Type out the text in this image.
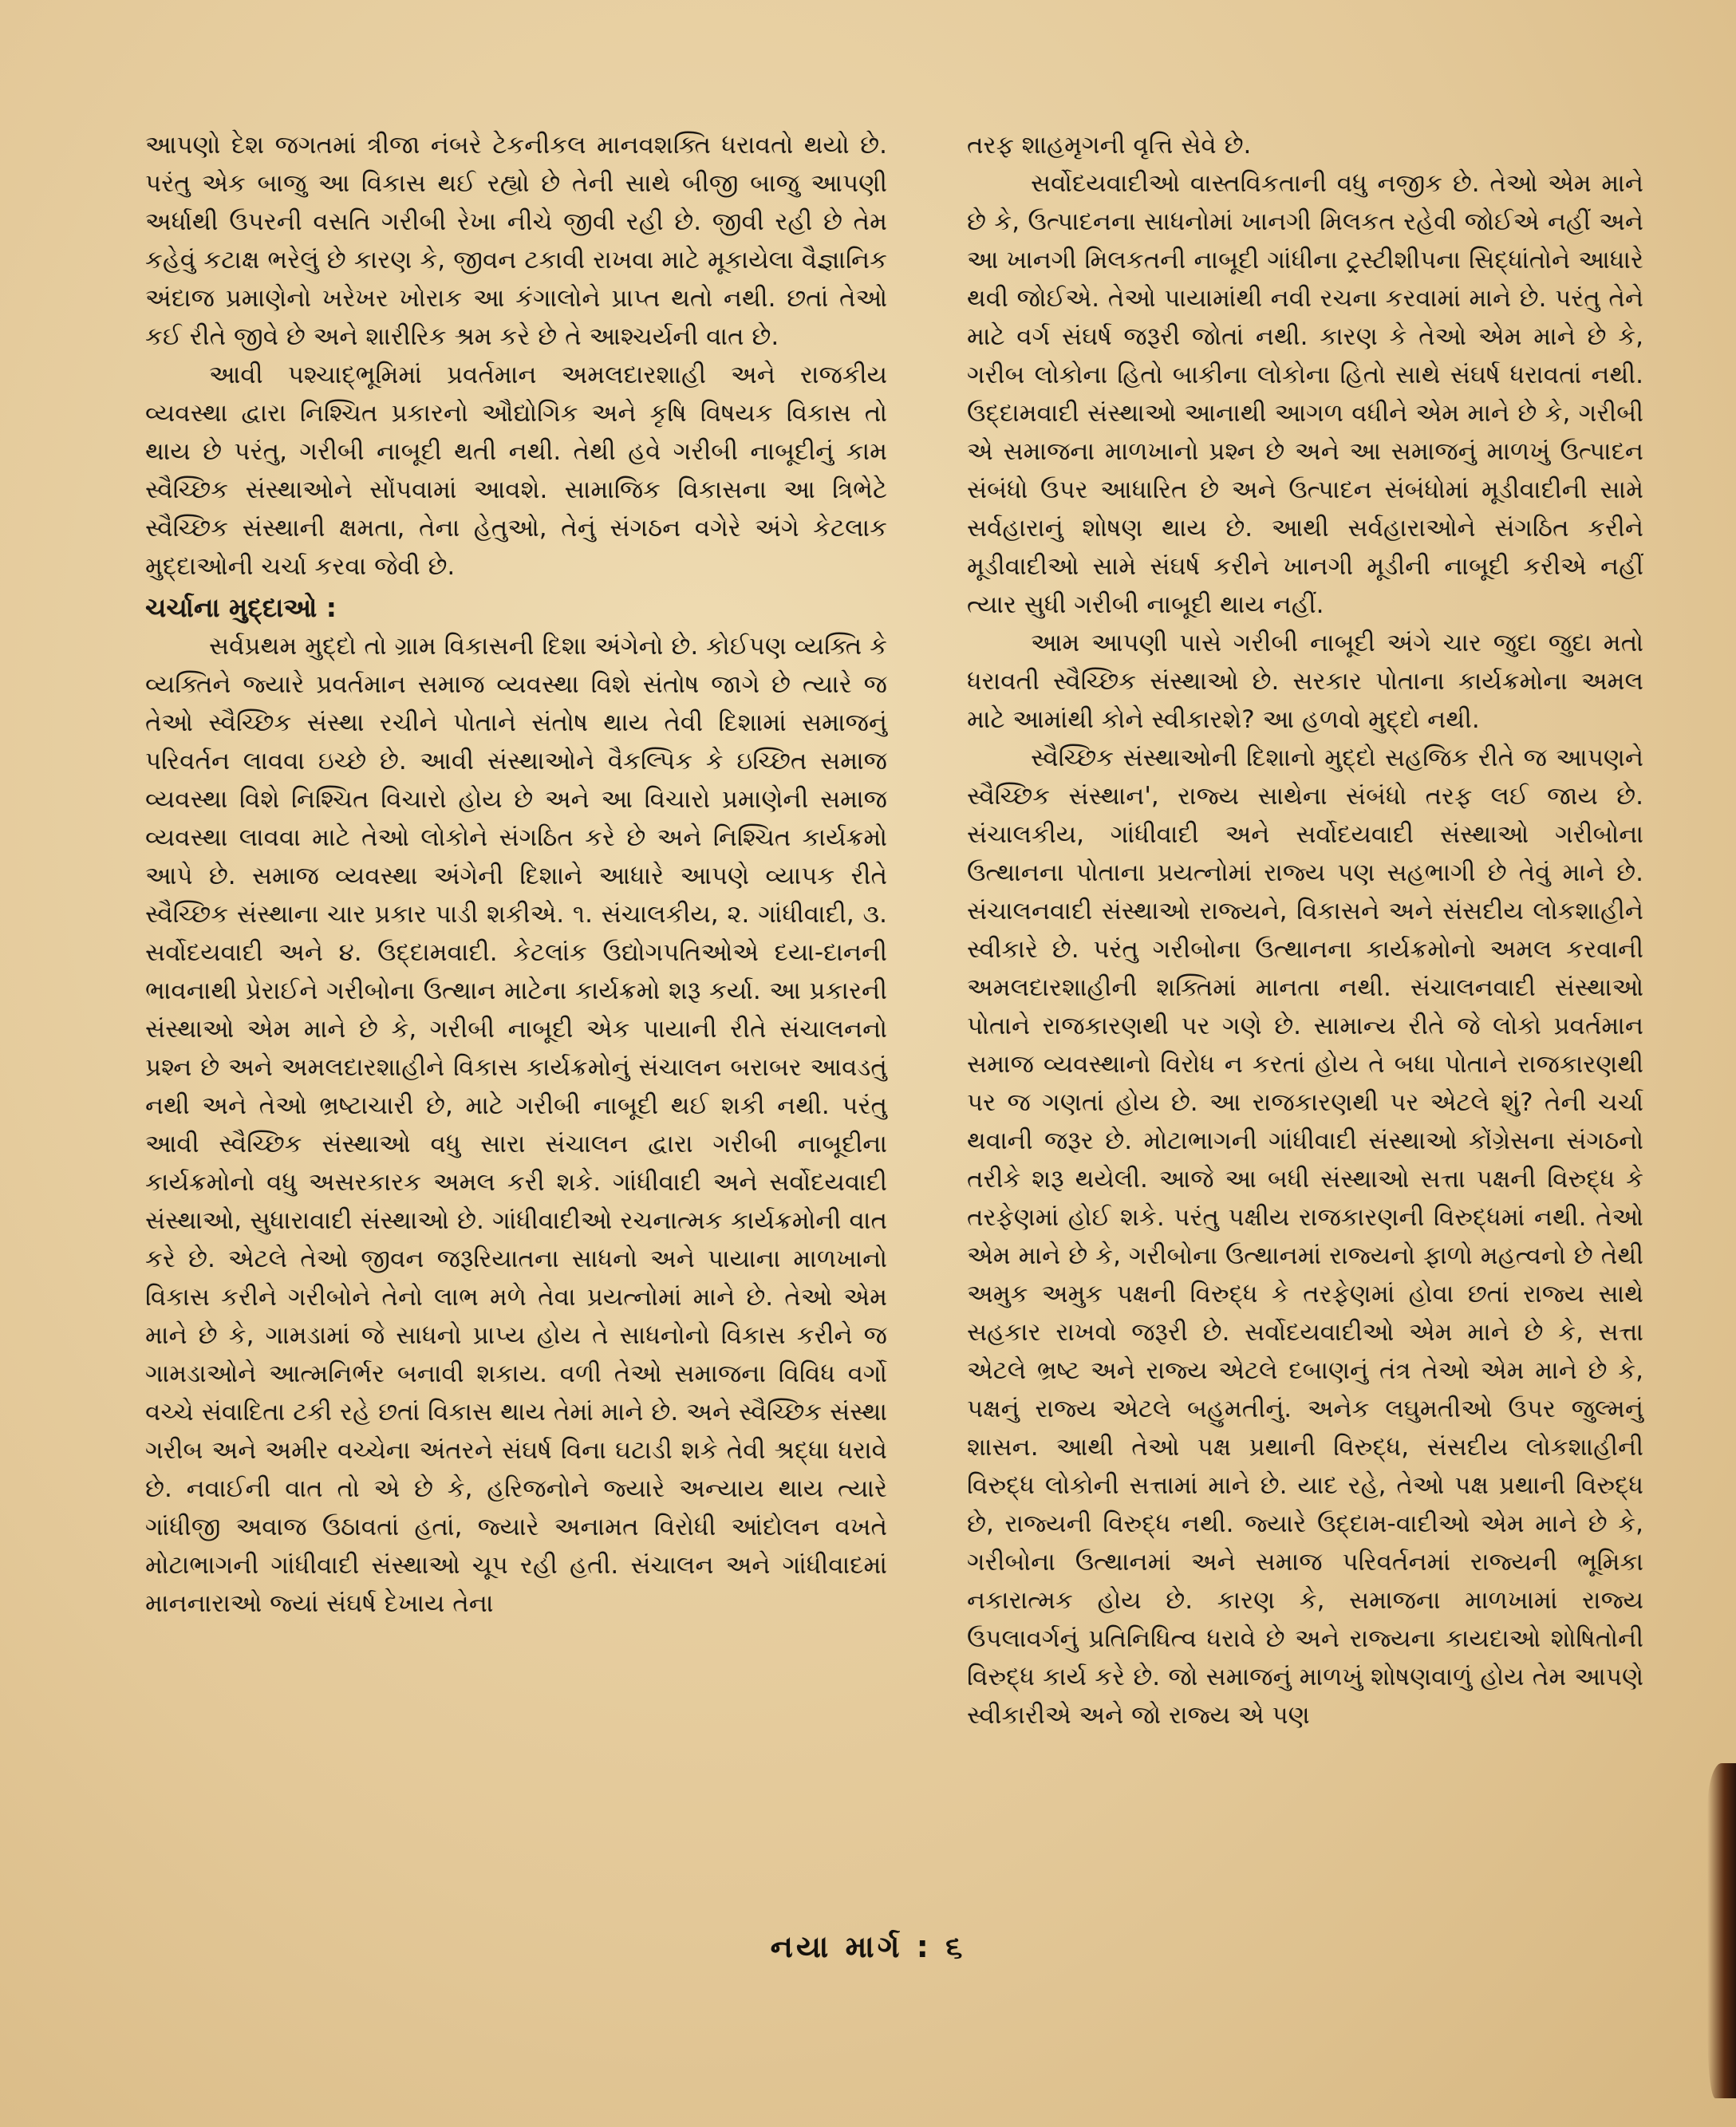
આપણો દેશ જગતમાં ત્રીજા નંબરે ટેકનીકલ માનવશક્તિ ધરાવતો થયો છે. પરંતુ એક બાજુ આ વિકાસ થઈ રહ્યો છે તેની સાથે બીજી બાજુ આપણી અર્ધાથી ઉપરની વસતિ ગરીબી રેખા નીચે જીવી રહી છે. જીવી રહી છે તેમ કહેવું કટાક્ષ ભરેલું છે કારણ કે, જીવન ટકાવી રાખવા માટે મૂકાયેલા વૈજ્ઞાનિક અંદાજ પ્રમાણેનો ખરેખર ખોરાક આ કંગાલોને પ્રાપ્ત થતો નથી. છતાં તેઓ કઈ રીતે જીવે છે અને શારીરિક શ્રમ કરે છે તે આશ્ચર્યની વાત છે.

આવી પશ્ચાદ્ભૂમિમાં પ્રવર્તમાન અમલદારશાહી અને રાજકીય વ્યવસ્થા દ્વારા નિશ્ચિત પ્રકારનો ઔદ્યોગિક અને કૃષિ વિષયક વિકાસ તો થાય છે પરંતુ, ગરીબી નાબૂદી થતી નથી. તેથી હવે ગરીબી નાબૂદીનું કામ સ્વૈચ્છિક સંસ્થાઓને સોંપવામાં આવશે. સામાજિક વિકાસના આ ત્રિભેટે સ્વૈચ્છિક સંસ્થાની ક્ષમતા, તેના હેતુઓ, તેનું સંગઠન વગેરે અંગે કેટલાક મુદ્દાઓની ચર્ચા કરવા જેવી છે.

ચર્ચાના મુદ્દાઓ :

સર્વપ્રથમ મુદ્દો તો ગ્રામ વિકાસની દિશા અંગેનો છે. કોઈપણ વ્યક્તિ કે વ્યક્તિને જ્યારે પ્રવર્તમાન સમાજ વ્યવસ્થા વિશે સંતોષ જાગે છે ત્યારે જ તેઓ સ્વૈચ્છિક સંસ્થા રચીને પોતાને સંતોષ થાય તેવી દિશામાં સમાજનું પરિવર્તન લાવવા ઇચ્છે છે. આવી સંસ્થાઓને વૈકલ્પિક કે ઇચ્છિત સમાજ વ્યવસ્થા વિશે નિશ્ચિત વિચારો હોય છે અને આ વિચારો પ્રમાણેની સમાજ વ્યવસ્થા લાવવા માટે તેઓ લોકોને સંગઠિત કરે છે અને નિશ્ચિત કાર્યક્રમો આપે છે. સમાજ વ્યવસ્થા અંગેની દિશાને આધારે આપણે વ્યાપક રીતે સ્વૈચ્છિક સંસ્થાના ચાર પ્રકાર પાડી શકીએ. ૧. સંચાલકીય, ૨. ગાંધીવાદી, ૩. સર્વોદયવાદી અને ૪. ઉદ્દામવાદી. કેટલાંક ઉદ્યોગપતિઓએ દયા-દાનની ભાવનાથી પ્રેરાઈને ગરીબોના ઉત્થાન માટેના કાર્યક્રમો શરૂ કર્યા. આ પ્રકારની સંસ્થાઓ એમ માને છે કે, ગરીબી નાબૂદી એક પાયાની રીતે સંચાલનનો પ્રશ્ન છે અને અમલદારશાહીને વિકાસ કાર્યક્રમોનું સંચાલન બરાબર આવડતું નથી અને તેઓ ભ્રષ્ટાચારી છે, માટે ગરીબી નાબૂદી થઈ શકી નથી. પરંતુ આવી સ્વૈચ્છિક સંસ્થાઓ વધુ સારા સંચાલન દ્વારા ગરીબી નાબૂદીના કાર્યક્રમોનો વધુ અસરકારક અમલ કરી શકે. ગાંધીવાદી અને સર્વોદયવાદી સંસ્થાઓ, સુધારાવાદી સંસ્થાઓ છે. ગાંધીવાદીઓ રચનાત્મક કાર્યક્રમોની વાત કરે છે. એટલે તેઓ જીવન જરૂરિયાતના સાધનો અને પાયાના માળખાનો વિકાસ કરીને ગરીબોને તેનો લાભ મળે તેવા પ્રયત્નોમાં માને છે. તેઓ એમ માને છે કે, ગામડામાં જે સાધનો પ્રાપ્ય હોય તે સાધનોનો વિકાસ કરીને જ ગામડાઓને આત્મનિર્ભર બનાવી શકાય. વળી તેઓ સમાજના વિવિધ વર્ગો વચ્ચે સંવાદિતા ટકી રહે છતાં વિકાસ થાય તેમાં માને છે. અને સ્વૈચ્છિક સંસ્થા ગરીબ અને અમીર વચ્ચેના અંતરને સંઘર્ષ વિના ઘટાડી શકે તેવી શ્રદ્ધા ધરાવે છે. નવાઈની વાત તો એ છે કે, હરિજનોને જ્યારે અન્યાય થાય ત્યારે ગાંધીજી અવાજ ઉઠાવતાં હતાં, જ્યારે અનામત વિરોધી આંદોલન વખતે મોટાભાગની ગાંધીવાદી સંસ્થાઓ ચૂપ રહી હતી. સંચાલન અને ગાંધીવાદમાં માનનારાઓ જ્યાં સંઘર્ષ દેખાય તેના

તરફ શાહમૃગની વૃત્તિ સેવે છે.

સર્વોદયવાદીઓ વાસ્તવિકતાની વધુ નજીક છે. તેઓ એમ માને છે કે, ઉત્પાદનના સાધનોમાં ખાનગી મિલકત રહેવી જોઈએ નહીં અને આ ખાનગી મિલકતની નાબૂદી ગાંધીના ટ્રસ્ટીશીપના સિદ્ધાંતોને આધારે થવી જોઈએ. તેઓ પાયામાંથી નવી રચના કરવામાં માને છે. પરંતુ તેને માટે વર્ગ સંઘર્ષ જરૂરી જોતાં નથી. કારણ કે તેઓ એમ માને છે કે, ગરીબ લોકોના હિતો બાકીના લોકોના હિતો સાથે સંઘર્ષ ધરાવતાં નથી. ઉદ્દામવાદી સંસ્થાઓ આનાથી આગળ વધીને એમ માને છે કે, ગરીબી એ સમાજના માળખાનો પ્રશ્ન છે અને આ સમાજનું માળખું ઉત્પાદન સંબંધો ઉપર આધારિત છે અને ઉત્પાદન સંબંધોમાં મૂડીવાદીની સામે સર્વહારાનું શોષણ થાય છે. આથી સર્વહારાઓને સંગઠિત કરીને મૂડીવાદીઓ સામે સંઘર્ષ કરીને ખાનગી મૂડીની નાબૂદી કરીએ નહીં ત્યાર સુધી ગરીબી નાબૂદી થાય નહીં.

આમ આપણી પાસે ગરીબી નાબૂદી અંગે ચાર જુદા જુદા મતો ધરાવતી સ્વૈચ્છિક સંસ્થાઓ છે. સરકાર પોતાના કાર્યક્રમોના અમલ માટે આમાંથી કોને સ્વીકારશે? આ હળવો મુદ્દો નથી.

સ્વૈચ્છિક સંસ્થાઓની દિશાનો મુદ્દો સહજિક રીતે જ આપણને સ્વૈચ્છિક સંસ્થાન', રાજ્ય સાથેના સંબંધો તરફ લઈ જાય છે. સંચાલકીય, ગાંધીવાદી અને સર્વોદયવાદી સંસ્થાઓ ગરીબોના ઉત્થાનના પોતાના પ્રયત્નોમાં રાજ્ય પણ સહભાગી છે તેવું માને છે. સંચાલનવાદી સંસ્થાઓ રાજ્યને, વિકાસને અને સંસદીય લોકશાહીને સ્વીકારે છે. પરંતુ ગરીબોના ઉત્થાનના કાર્યક્રમોનો અમલ કરવાની અમલદારશાહીની શક્તિમાં માનતા નથી. સંચાલનવાદી સંસ્થાઓ પોતાને રાજકારણથી પર ગણે છે. સામાન્ય રીતે જે લોકો પ્રવર્તમાન સમાજ વ્યવસ્થાનો વિરોધ ન કરતાં હોય તે બધા પોતાને રાજકારણથી પર જ ગણતાં હોય છે. આ રાજકારણથી પર એટલે શું? તેની ચર્ચા થવાની જરૂર છે. મોટાભાગની ગાંધીવાદી સંસ્થાઓ કોંગ્રેસના સંગઠનો તરીકે શરૂ થયેલી. આજે આ બધી સંસ્થાઓ સત્તા પક્ષની વિરુદ્ધ કે તરફેણમાં હોઈ શકે. પરંતુ પક્ષીય રાજકારણની વિરુદ્ધમાં નથી. તેઓ એમ માને છે કે, ગરીબોના ઉત્થાનમાં રાજ્યનો ફાળો મહત્વનો છે તેથી અમુક અમુક પક્ષની વિરુદ્ધ કે તરફેણમાં હોવા છતાં રાજ્ય સાથે સહકાર રાખવો જરૂરી છે. સર્વોદયવાદીઓ એમ માને છે કે, સત્તા એટલે ભ્રષ્ટ અને રાજ્ય એટલે દબાણનું તંત્ર તેઓ એમ માને છે કે, પક્ષનું રાજ્ય એટલે બહુમતીનું. અનેક લઘુમતીઓ ઉપર જુલ્મનું શાસન. આથી તેઓ પક્ષ પ્રથાની વિરુદ્ધ, સંસદીય લોકશાહીની વિરુદ્ધ લોકોની સત્તામાં માને છે. યાદ રહે, તેઓ પક્ષ પ્રથાની વિરુદ્ધ છે, રાજ્યની વિરુદ્ધ નથી. જ્યારે ઉદ્દામ-વાદીઓ એમ માને છે કે, ગરીબોના ઉત્થાનમાં અને સમાજ પરિવર્તનમાં રાજ્યની ભૂમિકા નકારાત્મક હોય છે. કારણ કે, સમાજના માળખામાં રાજ્ય ઉપલાવર્ગનું પ્રતિનિધિત્વ ધરાવે છે અને રાજ્યના કાયદાઓ શોષિતોની વિરુદ્ધ કાર્ય કરે છે. જો સમાજનું માળખું શોષણવાળું હોય તેમ આપણે સ્વીકારીએ અને જો રાજ્ય એ પણ

નયા માર્ગ : ૬
